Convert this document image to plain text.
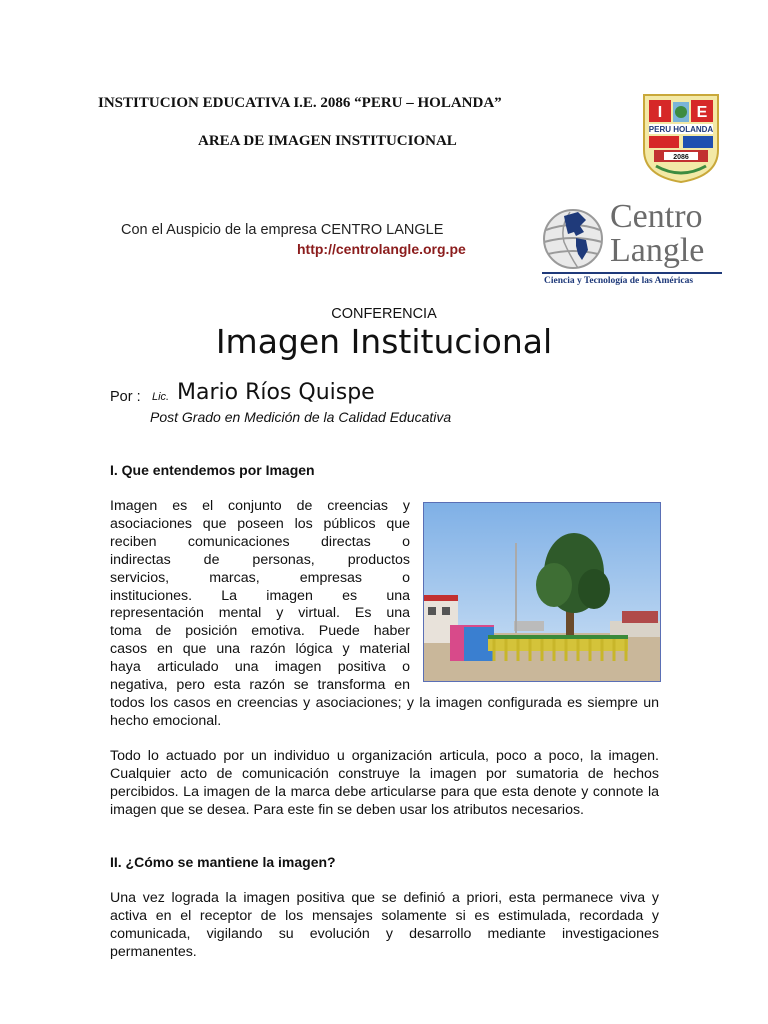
INSTITUCION EDUCATIVA I.E. 2086 “PERU – HOLANDA”
AREA DE IMAGEN INSTITUCIONAL
I E
PERU HOLANDA
2086
Con el Auspicio de la empresa CENTRO LANGLE
http://centrolangle.org.pe
Centro
Langle
Ciencia y Tecnología de las Américas
CONFERENCIA
Imagen Institucional
Por : Lic. Mario Ríos Quispe
Post Grado en Medición de la Calidad Educativa
I. Que entendemos por Imagen
Imagen es el conjunto de creencias y
asociaciones que poseen los públicos que
reciben comunicaciones directas o
indirectas de personas, productos
servicios, marcas, empresas o
instituciones. La imagen es una
representación mental y virtual. Es una
toma de posición emotiva. Puede haber
casos en que una razón lógica y material
haya articulado una imagen positiva o
negativa, pero esta razón se transforma en
todos los casos en creencias y asociaciones; y la imagen configurada es siempre un hecho emocional.
Todo lo actuado por un individuo u organización articula, poco a poco, la imagen. Cualquier acto de comunicación construye la imagen por sumatoria de hechos percibidos. La imagen de la marca debe articularse para que esta denote y connote la imagen que se desea. Para este fin se deben usar los atributos necesarios.
II. ¿Cómo se mantiene la imagen?
Una vez lograda la imagen positiva que se definió a priori, esta permanece viva y activa en el receptor de los mensajes solamente si es estimulada, recordada y comunicada, vigilando su evolución y desarrollo mediante investigaciones permanentes.
